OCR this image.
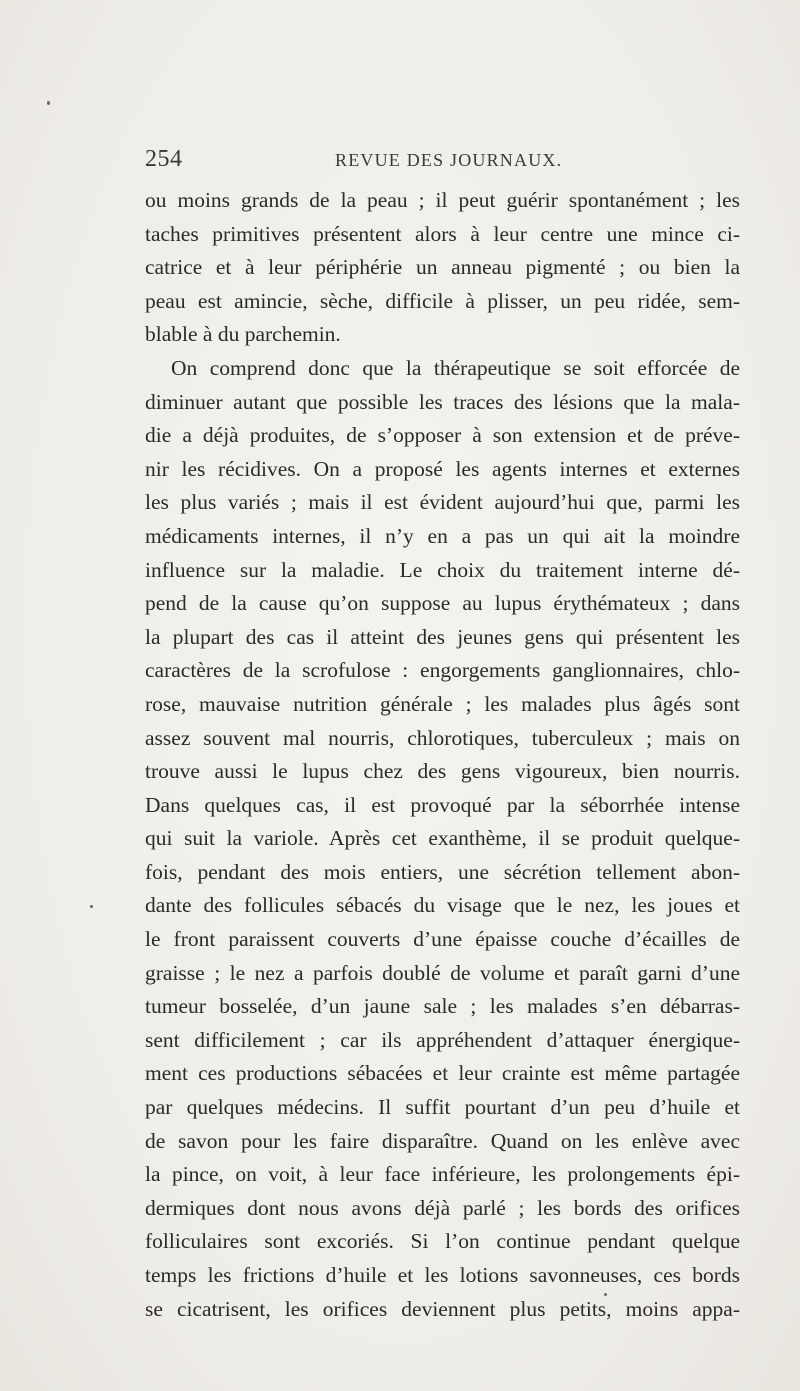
254	REVUE DES JOURNAUX.
ou moins grands de la peau ; il peut guérir spontanément ; les
taches primitives présentent alors à leur centre une mince ci-
catrice et à leur périphérie un anneau pigmenté ; ou bien la
peau est amincie, sèche, difficile à plisser, un peu ridée, sem-
blable à du parchemin.
On comprend donc que la thérapeutique se soit efforcée de
diminuer autant que possible les traces des lésions que la mala-
die a déjà produites, de s’opposer à son extension et de préve-
nir les récidives. On a proposé les agents internes et externes
les plus variés ; mais il est évident aujourd’hui que, parmi les
médicaments internes, il n’y en a pas un qui ait la moindre
influence sur la maladie. Le choix du traitement interne dé-
pend de la cause qu’on suppose au lupus érythémateux ; dans
la plupart des cas il atteint des jeunes gens qui présentent les
caractères de la scrofulose : engorgements ganglionnaires, chlo-
rose, mauvaise nutrition générale ; les malades plus âgés sont
assez souvent mal nourris, chlorotiques, tuberculeux ; mais on
trouve aussi le lupus chez des gens vigoureux, bien nourris.
Dans quelques cas, il est provoqué par la séborrhée intense
qui suit la variole. Après cet exanthème, il se produit quelque-
fois, pendant des mois entiers, une sécrétion tellement abon-
dante des follicules sébacés du visage que le nez, les joues et
le front paraissent couverts d’une épaisse couche d’écailles de
graisse ; le nez a parfois doublé de volume et paraît garni d’une
tumeur bosselée, d’un jaune sale ; les malades s’en débarras-
sent difficilement ; car ils appréhendent d’attaquer énergique-
ment ces productions sébacées et leur crainte est même partagée
par quelques médecins. Il suffit pourtant d’un peu d’huile et
de savon pour les faire disparaître. Quand on les enlève avec
la pince, on voit, à leur face inférieure, les prolongements épi-
dermiques dont nous avons déjà parlé ; les bords des orifices
folliculaires sont excoriés. Si l’on continue pendant quelque
temps les frictions d’huile et les lotions savonneuses, ces bords
se cicatrisent, les orifices deviennent plus petits, moins appa-
